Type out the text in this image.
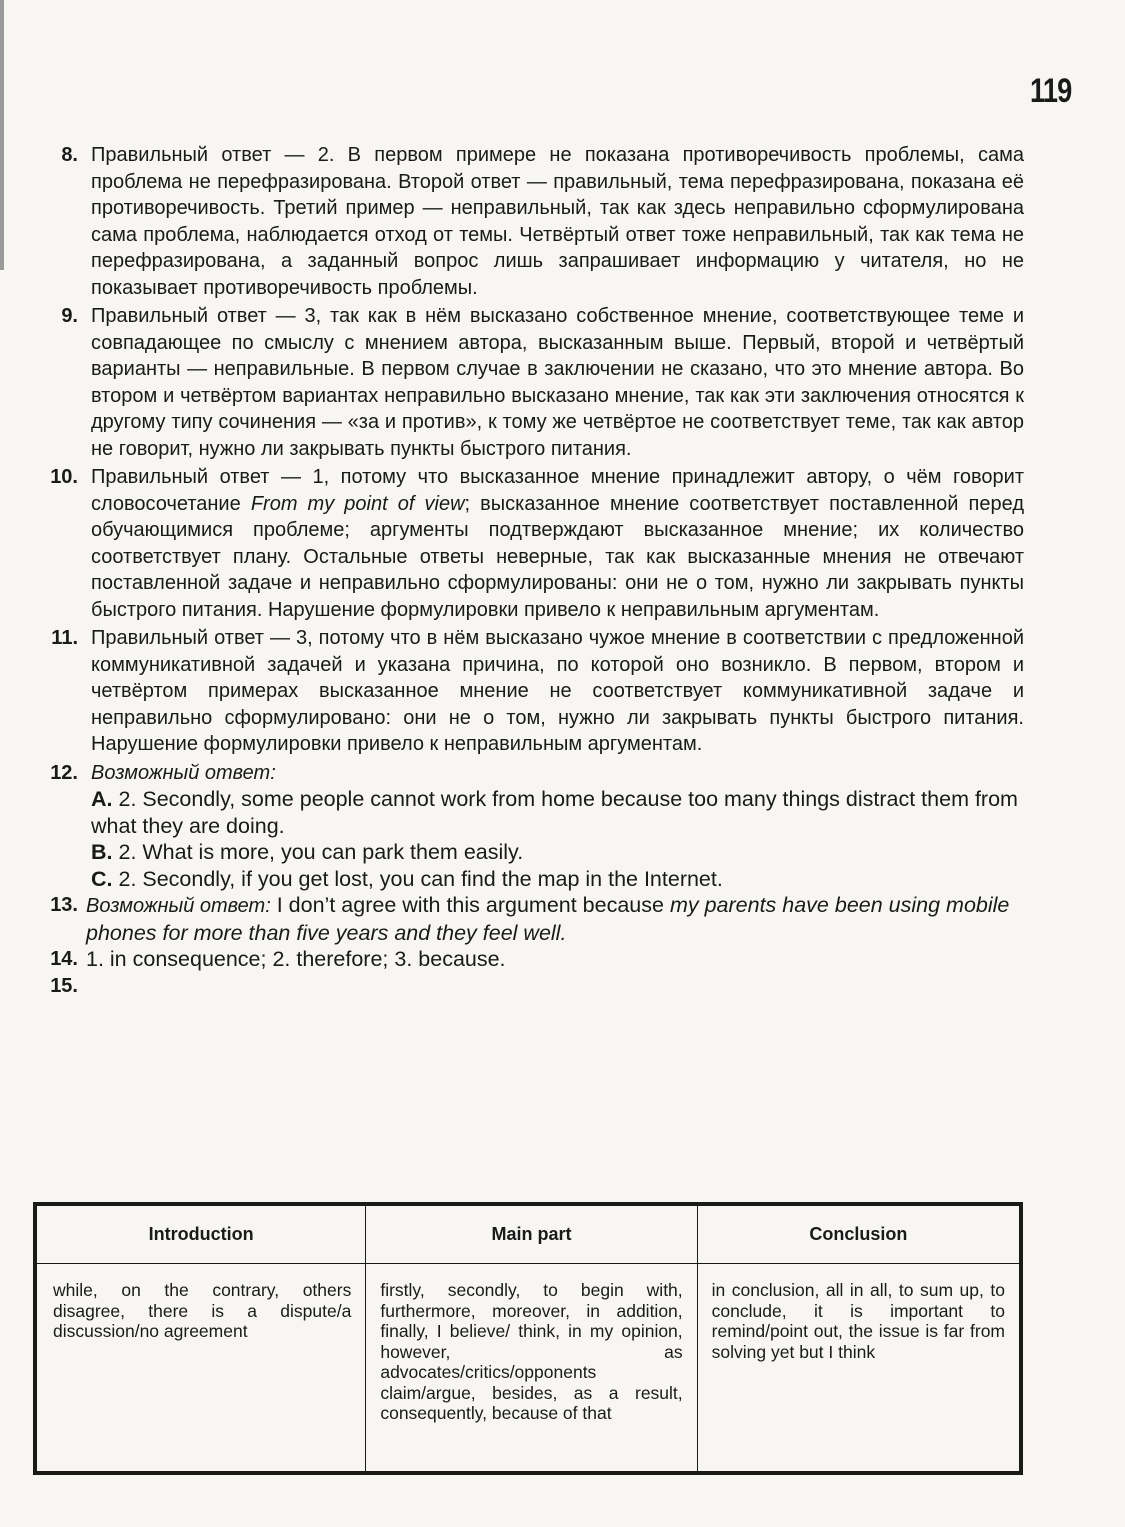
119
8. Правильный ответ — 2. В первом примере не показана противоречивость проблемы, сама проблема не перефразирована. Второй ответ — правильный, тема перефразирована, показана её противоречивость. Третий пример — неправильный, так как здесь неправильно сформулирована сама проблема, наблюдается отход от темы. Четвёртый ответ тоже неправильный, так как тема не перефразирована, а заданный вопрос лишь запрашивает информацию у читателя, но не показывает противоречивость проблемы.
9. Правильный ответ — 3, так как в нём высказано собственное мнение, соответствующее теме и совпадающее по смыслу с мнением автора, высказанным выше. Первый, второй и четвёртый варианты — неправильные. В первом случае в заключении не сказано, что это мнение автора. Во втором и четвёртом вариантах неправильно высказано мнение, так как эти заключения относятся к другому типу сочинения — «за и против», к тому же четвёртое не соответствует теме, так как автор не говорит, нужно ли закрывать пункты быстрого питания.
10. Правильный ответ — 1, потому что высказанное мнение принадлежит автору, о чём говорит словосочетание From my point of view; высказанное мнение соответствует поставленной перед обучающимися проблеме; аргументы подтверждают высказанное мнение; их количество соответствует плану. Остальные ответы неверные, так как высказанные мнения не отвечают поставленной задаче и неправильно сформулированы: они не о том, нужно ли закрывать пункты быстрого питания. Нарушение формулировки привело к неправильным аргументам.
11. Правильный ответ — 3, потому что в нём высказано чужое мнение в соответствии с предложенной коммуникативной задачей и указана причина, по которой оно возникло. В первом, втором и четвёртом примерах высказанное мнение не соответствует коммуникативной задаче и неправильно сформулировано: они не о том, нужно ли закрывать пункты быстрого питания. Нарушение формулировки привело к неправильным аргументам.
12. Возможный ответ:
A. 2. Secondly, some people cannot work from home because too many things distract them from what they are doing.
B. 2. What is more, you can park them easily.
C. 2. Secondly, if you get lost, you can find the map in the Internet.
13. Возможный ответ: I don’t agree with this argument because my parents have been using mobile phones for more than five years and they feel well.
14. 1. in consequence; 2. therefore; 3. because.
15.

Introduction	Main part	Conclusion
while, on the contrary, others disagree, there is a dispute/a discussion/no agreement	firstly, secondly, to begin with, furthermore, moreover, in addition, finally, I believe/ think, in my opinion, however, as advocates/critics/opponents claim/argue, besides, as a result, consequently, because of that	in conclusion, all in all, to sum up, to conclude, it is important to remind/point out, the issue is far from solving yet but I think
